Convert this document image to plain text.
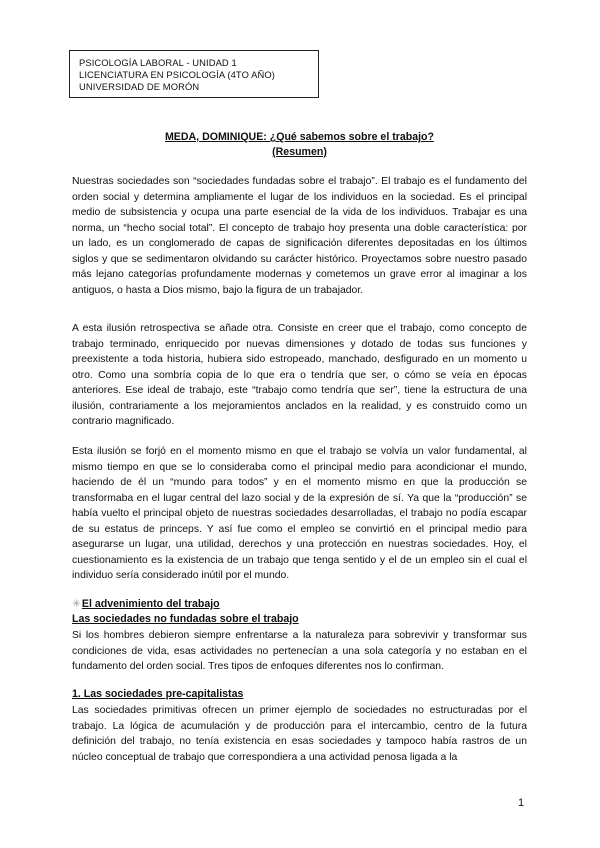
PSICOLOGÍA LABORAL - UNIDAD 1
LICENCIATURA EN PSICOLOGÍA (4TO AÑO)
UNIVERSIDAD DE MORÓN
MEDA, DOMINIQUE: ¿Qué sabemos sobre el trabajo?
(Resumen)

Nuestras sociedades son “sociedades fundadas sobre el trabajo”. El trabajo es el fundamento del orden social y determina ampliamente el lugar de los individuos en la sociedad. Es el principal medio de subsistencia y ocupa una parte esencial de la vida de los individuos. Trabajar es una norma, un “hecho social total”. El concepto de trabajo hoy presenta una doble característica: por un lado, es un conglomerado de capas de significación diferentes depositadas en los últimos siglos y que se sedimentaron olvidando su carácter histórico. Proyectamos sobre nuestro pasado más lejano categorías profundamente modernas y cometemos un grave error al imaginar a los antiguos, o hasta a Dios mismo, bajo la figura de un trabajador.

A esta ilusión retrospectiva se añade otra. Consiste en creer que el trabajo, como concepto de trabajo terminado, enriquecido por nuevas dimensiones y dotado de todas sus funciones y preexistente a toda historia, hubiera sido estropeado, manchado, desfigurado en un momento u otro. Como una sombría copia de lo que era o tendría que ser, o cómo se veía en épocas anteriores. Ese ideal de trabajo, este “trabajo como tendría que ser”, tiene la estructura de una ilusión, contrariamente a los mejoramientos anclados en la realidad, y es construido como un contrario magnificado.

Esta ilusión se forjó en el momento mismo en que el trabajo se volvía un valor fundamental, al mismo tiempo en que se lo consideraba como el principal medio para acondicionar el mundo, haciendo de él un “mundo para todos” y en el momento mismo en que la producción se transformaba en el lugar central del lazo social y de la expresión de sí. Ya que la “producción” se había vuelto el principal objeto de nuestras sociedades desarrolladas, el trabajo no podía escapar de su estatus de princeps. Y así fue como el empleo se convirtió en el principal medio para asegurarse un lugar, una utilidad, derechos y una protección en nuestras sociedades. Hoy, el cuestionamiento es la existencia de un trabajo que tenga sentido y el de un empleo sin el cual el individuo sería considerado inútil por el mundo.

✳El advenimiento del trabajo
Las sociedades no fundadas sobre el trabajo

Si los hombres debieron siempre enfrentarse a la naturaleza para sobrevivir y transformar sus condiciones de vida, esas actividades no pertenecían a una sola categoría y no estaban en el fundamento del orden social. Tres tipos de enfoques diferentes nos lo confirman.

1. Las sociedades pre-capitalistas

Las sociedades primitivas ofrecen un primer ejemplo de sociedades no estructuradas por el trabajo. La lógica de acumulación y de producción para el intercambio, centro de la futura definición del trabajo, no tenía existencia en esas sociedades y tampoco había rastros de un núcleo conceptual de trabajo que correspondiera a una actividad penosa ligada a la

1
